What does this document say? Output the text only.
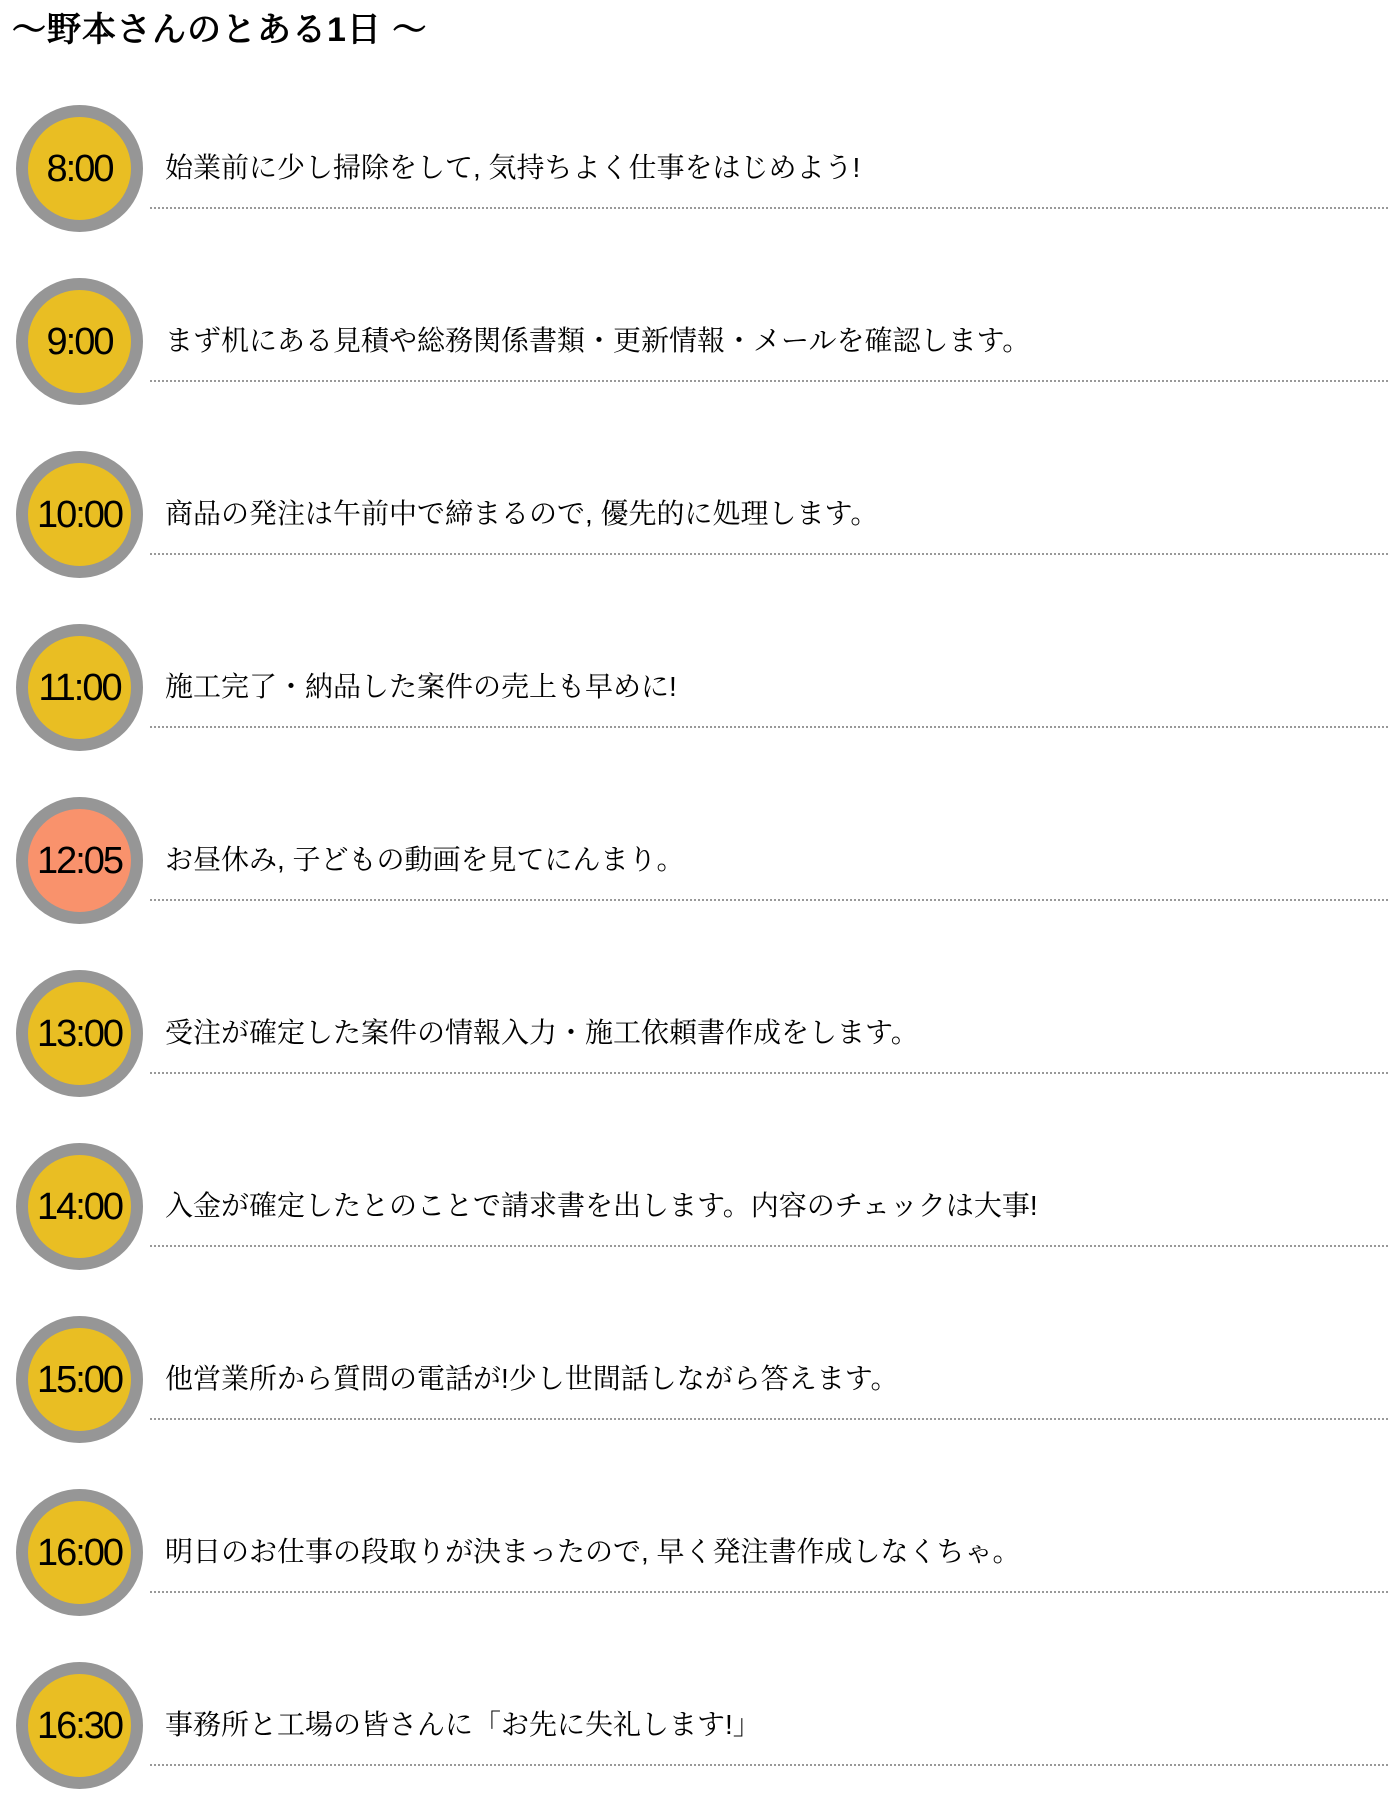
～野本さんのとある1日 ～
8:00 始業前に少し掃除をして, 気持ちよく仕事をはじめよう!
9:00 まず机にある見積や総務関係書類・更新情報・メールを確認します。
10:00 商品の発注は午前中で締まるので, 優先的に処理します。
11:00 施工完了・納品した案件の売上も早めに!
12:05 お昼休み, 子どもの動画を見てにんまり。
13:00 受注が確定した案件の情報入力・施工依頼書作成をします。
14:00 入金が確定したとのことで請求書を出します。内容のチェックは大事!
15:00 他営業所から質問の電話が!少し世間話しながら答えます。
16:00 明日のお仕事の段取りが決まったので, 早く発注書作成しなくちゃ。
16:30 事務所と工場の皆さんに「お先に失礼します!」
